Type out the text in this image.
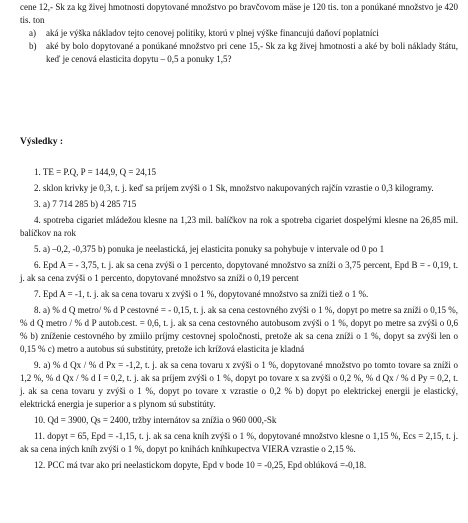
cene 12,- Sk za kg živej hmotnosti dopytované množstvo po bravčovom mäse je 120 tis. ton a ponúkané množstvo je 420 tis. ton

a)	aká je výška nákladov tejto cenovej politiky, ktorú v plnej výške financujú daňoví poplatníci
b)	aké by bolo dopytované a ponúkané množstvo pri cene 15,- Sk za kg živej hmotnosti a aké by boli náklady štátu, keď je cenová elasticita dopytu – 0,5 a ponuky 1,5?

Výsledky :

1. TE = P.Q, P = 144,9, Q = 24,15

2. sklon krivky je 0,3, t. j. keď sa príjem zvýši o 1 Sk, množstvo nakupovaných rajčín vzrastie o 0,3 kilogramy.

3. a) 7 714 285 b) 4 285 715

4. spotreba cigariet mládežou klesne na 1,23 mil. balíčkov na rok a spotreba cigariet dospelými klesne na 26,85 mil. balíčkov na rok

5. a) –0,2, -0,375 b) ponuka je neelastická, jej elasticita ponuky sa pohybuje v intervale od 0 po 1

6. Epd A = - 3,75, t. j. ak sa cena zvýši o 1 percento, dopytované množstvo sa zníži o 3,75 percent, Epd B = - 0,19, t. j. ak sa cena zvýši o 1 percento, dopytované množstvo sa zníži o 0,19 percent

7. Epd A = -1, t. j. ak sa cena tovaru x zvýši o 1 %, dopytované množstvo sa zníži tiež o 1 %.

8. a) % d Q metro/ % d P cestovné = - 0,15, t. j. ak sa cena cestovného zvýši o 1 %, dopyt po metre sa zníži o 0,15 %, % d Q metro / % d P autob.cest. = 0,6, t. j. ak sa cena cestovného autobusom zvýši o 1 %, dopyt po metre sa zvýši o 0,6 % b) zníženie cestovného by zmiilo príjmy cestovnej spoločnosti, pretože ak sa cena zníži o 1 %, dopyt sa zvýši len o 0,15 % c) metro a autobus sú substitúty, pretože ich krížová elasticita je kladná

9. a) % d Qx / % d Px = -1,2, t. j. ak sa cena tovaru x zvýši o 1 %, dopytované množstvo po tomto tovare sa zníži o 1,2 %, % d Qx / % d I = 0,2, t. j. ak sa príjem zvýši o 1 %, dopyt po tovare x sa zvýši o 0,2 %, % d Qx / % d Py = 0,2, t. j. ak sa cena tovaru y zvýši o 1 %, dopyt po tovare x vzrastie o 0,2 % b) dopyt po elektrickej energii je elastický, elektrická energia je superior a s plynom sú substitúty.

10. Qd = 3900, Qs = 2400, tržby internátov sa znížia o 960 000,-Sk

11. dopyt = 65, Epd = -1,15, t. j. ak sa cena kníh zvýši o 1 %, dopytované množstvo klesne o 1,15 %, Ecs = 2,15, t. j. ak sa cena iných kníh zvýši o 1 %, dopyt po knihách kníhkupectva VIERA vzrastie o 2,15 %.

12. PCC má tvar ako pri neelastickom dopyte, Epd v bode 10 = -0,25, Epd oblúková =-0,18.
